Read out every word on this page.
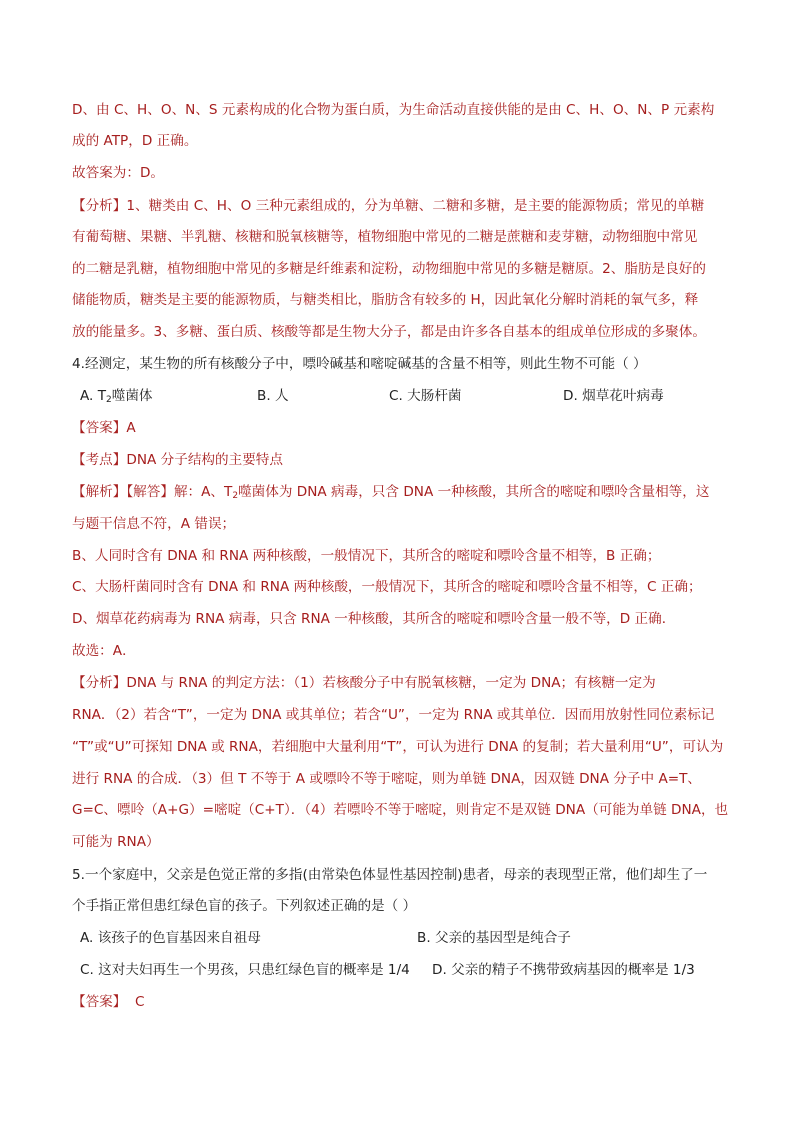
D、由 C、H、O、N、S 元素构成的化合物为蛋白质，为生命活动直接供能的是由 C、H、O、N、P 元素构
成的 ATP，D 正确。
故答案为：D。
【分析】1、糖类由 C、H、O 三种元素组成的，分为单糖、二糖和多糖，是主要的能源物质；常见的单糖
有葡萄糖、果糖、半乳糖、核糖和脱氧核糖等，植物细胞中常见的二糖是蔗糖和麦芽糖，动物细胞中常见
的二糖是乳糖，植物细胞中常见的多糖是纤维素和淀粉，动物细胞中常见的多糖是糖原。2、脂肪是良好的
储能物质，糖类是主要的能源物质，与糖类相比，脂肪含有较多的 H，因此氧化分解时消耗的氧气多，释
放的能量多。3、多糖、蛋白质、核酸等都是生物大分子，都是由许多各自基本的组成单位形成的多聚体。
4.经测定，某生物的所有核酸分子中，嘌呤碱基和嘧啶碱基的含量不相等，则此生物不可能（ ）
A. $T_2$噬菌体	B. 人	C. 大肠杆菌	D. 烟草花叶病毒
【答案】A
【考点】DNA 分子结构的主要特点
【解析】【解答】解：A、$T_2$噬菌体为 DNA 病毒，只含 DNA 一种核酸，其所含的嘧啶和嘌呤含量相等，这
与题干信息不符，A 错误；
B、人同时含有 DNA 和 RNA 两种核酸，一般情况下，其所含的嘧啶和嘌呤含量不相等，B 正确；
C、大肠杆菌同时含有 DNA 和 RNA 两种核酸，一般情况下，其所含的嘧啶和嘌呤含量不相等，C 正确；
D、烟草花药病毒为 RNA 病毒，只含 RNA 一种核酸，其所含的嘧啶和嘌呤含量一般不等，D 正确．
故选：A．
【分析】DNA 与 RNA 的判定方法：（1）若核酸分子中有脱氧核糖，一定为 DNA；有核糖一定为
RNA．（2）若含“T”，一定为 DNA 或其单位；若含“U”，一定为 RNA 或其单位．因而用放射性同位素标记
“T”或“U”可探知 DNA 或 RNA，若细胞中大量利用“T”，可认为进行 DNA 的复制；若大量利用“U”，可认为
进行 RNA 的合成．（3）但 T 不等于 A 或嘌呤不等于嘧啶，则为单链 DNA，因双链 DNA 分子中 A=T、
G=C、嘌呤（A+G）=嘧啶（C+T）．（4）若嘌呤不等于嘧啶，则肯定不是双链 DNA（可能为单链 DNA，也
可能为 RNA）
5.一个家庭中，父亲是色觉正常的多指(由常染色体显性基因控制)患者，母亲的表现型正常，他们却生了一
个手指正常但患红绿色盲的孩子。下列叙述正确的是（ ）
A. 该孩子的色盲基因来自祖母	B. 父亲的基因型是纯合子
C. 这对夫妇再生一个男孩，只患红绿色盲的概率是 1/4 D. 父亲的精子不携带致病基因的概率是 1/3
【答案】 C
